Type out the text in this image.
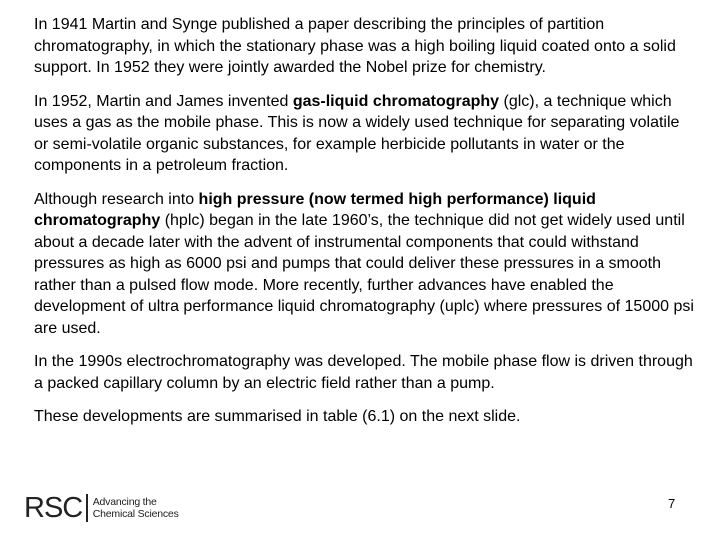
In 1941 Martin and Synge published a paper describing the principles of partition chromatography, in which the stationary phase was a high boiling liquid coated onto a solid support. In 1952 they were jointly awarded the Nobel prize for chemistry.

In 1952, Martin and James invented gas-liquid chromatography (glc), a technique which uses a gas as the mobile phase. This is now a widely used technique for separating volatile or semi-volatile organic substances, for example herbicide pollutants in water or the components in a petroleum fraction.

Although research into high pressure (now termed high performance) liquid chromatography (hplc) began in the late 1960’s, the technique did not get widely used until about a decade later with the advent of instrumental components that could withstand pressures as high as 6000 psi and pumps that could deliver these pressures in a smooth rather than a pulsed flow mode. More recently, further advances have enabled the development of ultra performance liquid chromatography (uplc) where pressures of 15000 psi are used.

In the 1990s electrochromatography was developed. The mobile phase flow is driven through a packed capillary column by an electric field rather than a pump.

These developments are summarised in table (6.1) on the next slide.

RSC Advancing the
Chemical Sciences
7
